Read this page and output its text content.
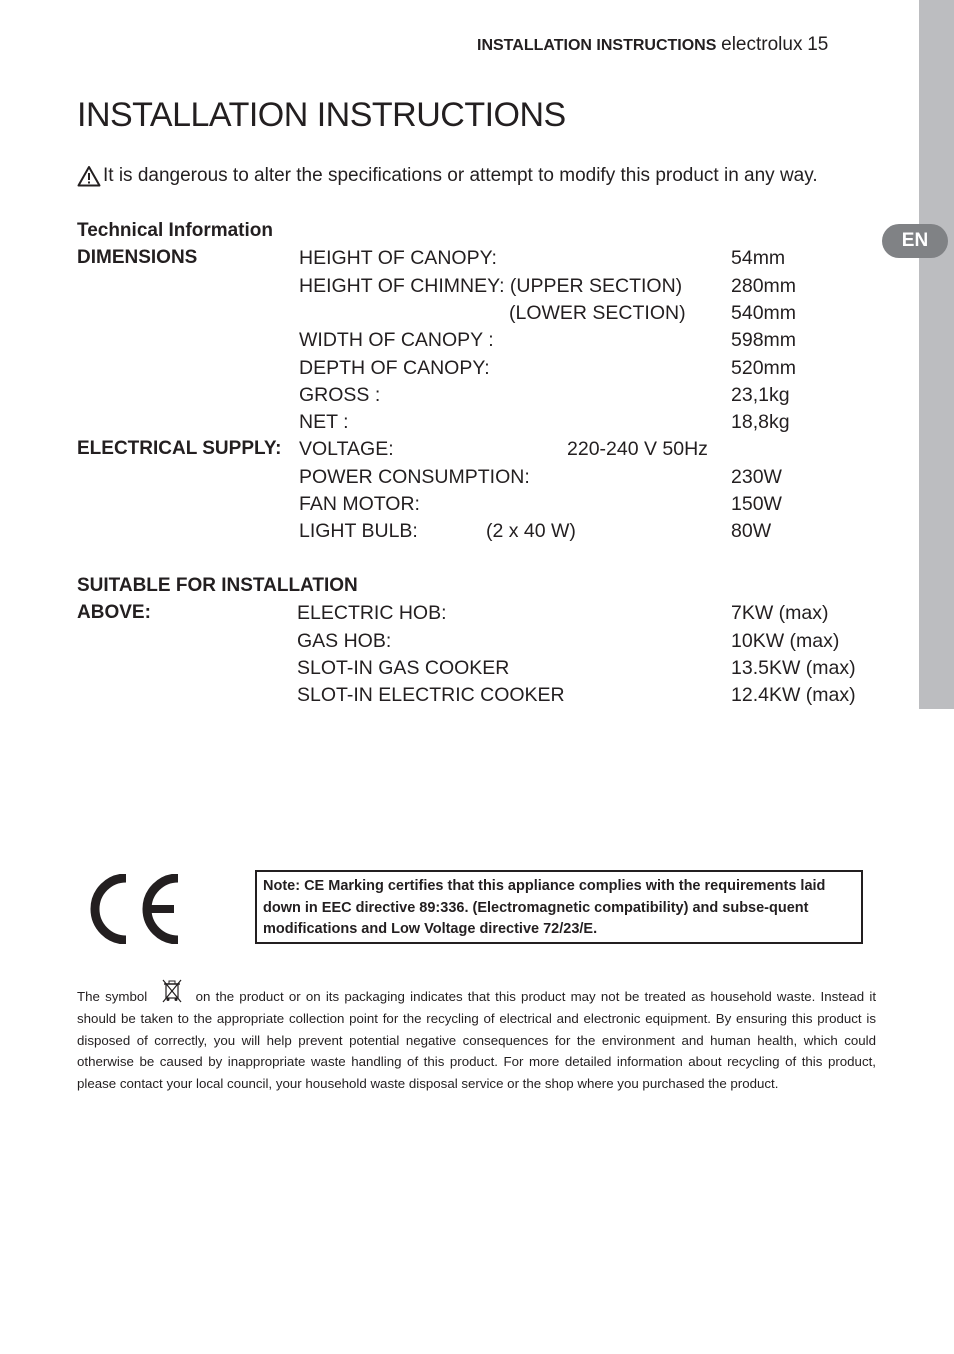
EN
INSTALLATION INSTRUCTIONS electrolux 15
INSTALLATION INSTRUCTIONS
It is dangerous to alter the specifications or attempt to modify this product in any way.
Technical Information
DIMENSIONS	HEIGHT OF CANOPY:	54mm
HEIGHT OF CHIMNEY: (UPPER SECTION)	280mm
(LOWER SECTION) 540mm
WIDTH OF CANOPY :	598mm
DEPTH OF CANOPY:	520mm
GROSS :	23,1kg
NET :	18,8kg
ELECTRICAL SUPPLY: VOLTAGE:	220-240 V 50Hz
POWER CONSUMPTION:	230W
FAN MOTOR:	150W
LIGHT BULB:	(2 x 40 W)	80W
SUITABLE FOR INSTALLATION
ABOVE:	ELECTRIC HOB:	7KW (max)
GAS HOB:	10KW (max)
SLOT-IN GAS COOKER	13.5KW (max)
SLOT-IN ELECTRIC COOKER	12.4KW (max)
Note: CE Marking certifies that this appliance complies with the requirements laid down in EEC directive 89:336. (Electromagnetic compatibility) and subse-quent modifications and Low Voltage directive 72/23/E.
The symbol	on the product or on its packaging indicates that this product may not be treated as household waste. Instead it should be taken to the appropriate collection point for the recycling of electrical and electronic equipment. By ensuring this product is disposed of correctly, you will help prevent potential negative consequences for the environment and human health, which could otherwise be caused by inappropriate waste handling of this product. For more detailed information about recycling of this product, please contact your local council, your household waste disposal service or the shop where you purchased the product.
